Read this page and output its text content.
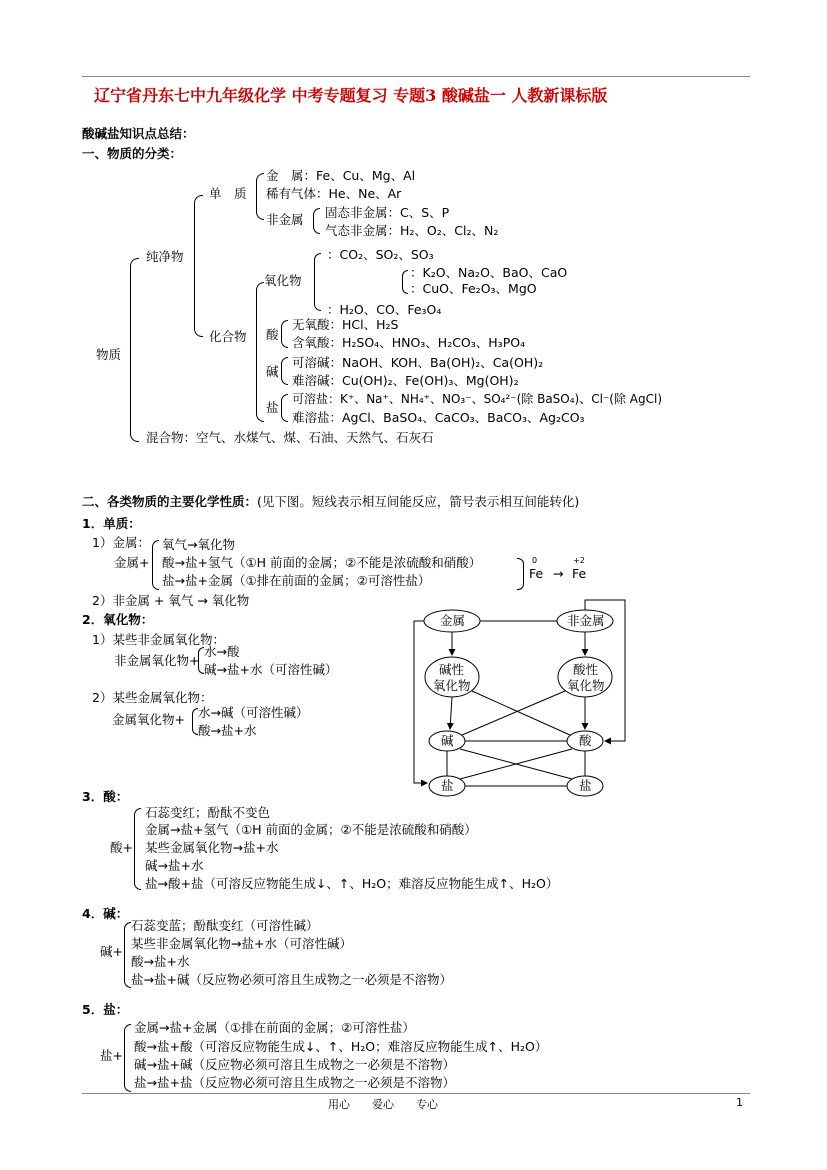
辽宁省丹东七中九年级化学 中考专题复习 专题3 酸碱盐一 人教新课标版
酸碱盐知识点总结：
一、物质的分类：
物质
纯净物
混合物：空气、水煤气、煤、石油、天然气、石灰石
单　质
化合物
金　属：Fe、Cu、Mg、Al
稀有气体：He、Ne、Ar
非金属 固态非金属：C、S、P
气态非金属：H₂、O₂、Cl₂、N₂
氧化物
：CO₂、SO₂、SO₃
：K₂O、Na₂O、BaO、CaO
：CuO、Fe₂O₃、MgO
：H₂O、CO、Fe₃O₄
酸
无氧酸：HCl、H₂S
含氧酸：H₂SO₄、HNO₃、H₂CO₃、H₃PO₄
碱
可溶碱：NaOH、KOH、Ba(OH)₂、Ca(OH)₂
难溶碱：Cu(OH)₂、Fe(OH)₃、Mg(OH)₂
盐
可溶盐：K⁺、Na⁺、NH₄⁺、NO₃⁻、SO₄²⁻(除 BaSO₄)、Cl⁻(除 AgCl)
难溶盐：AgCl、BaSO₄、CaCO₃、BaCO₃、Ag₂CO₃
二、各类物质的主要化学性质：(见下图。短线表示相互间能反应，箭号表示相互间能转化)
1．单质：
1）金属：
金属+
氧气→氧化物
酸→盐+氢气（①H 前面的金属；②不能是浓硫酸和硝酸）
盐→盐+金属（①排在前面的金属；②可溶性盐）
0
Fe →
+2
Fe
2）非金属 + 氧气 → 氧化物
2．氧化物：
1）某些非金属氧化物：
非金属氧化物+
水→酸
碱→盐+水（可溶性碱）
2）某些金属氧化物：
金属氧化物+ 水→碱（可溶性碱）
酸→盐+水
金属	非金属
碱性
氧化物
酸性
氧化物
碱	酸
盐	盐
3．酸：
酸+
石蕊变红；酚酞不变色
金属→盐+氢气（①H 前面的金属；②不能是浓硫酸和硝酸）
某些金属氧化物→盐+水
碱→盐+水
盐→酸+盐（可溶反应物能生成↓、↑、H₂O；难溶反应物能生成↑、H₂O）
4．碱：
碱+
石蕊变蓝；酚酞变红（可溶性碱）
某些非金属氧化物→盐+水（可溶性碱）
酸→盐+水
盐→盐+碱（反应物必须可溶且生成物之一必须是不溶物）
5．盐：
盐+
金属→盐+金属（①排在前面的金属；②可溶性盐）
酸→盐+酸（可溶反应物能生成↓、↑、H₂O；难溶反应物能生成↑、H₂O）
碱→盐+碱（反应物必须可溶且生成物之一必须是不溶物）
盐→盐+盐（反应物必须可溶且生成物之一必须是不溶物）
用心　　爱心　　专心	1
